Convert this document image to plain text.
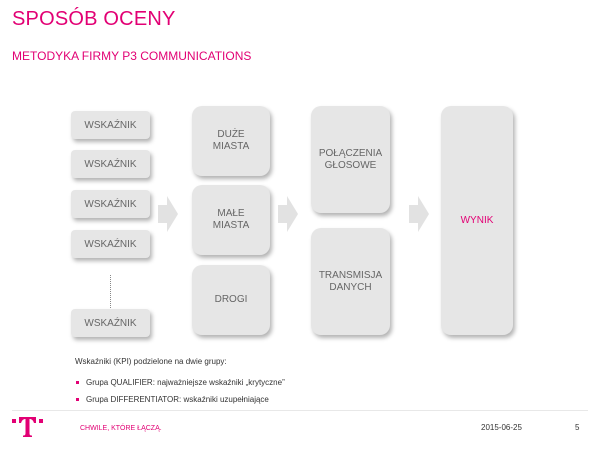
SPOSÓB OCENY
METODYKA FIRMY P3 COMMUNICATIONS
WSKAŹNIK
WSKAŹNIK
WSKAŹNIK
WSKAŹNIK
WSKAŹNIK
DUŻE
MIASTA
MAŁE
MIASTA
DROGI
POŁĄCZENIA
GŁOSOWE
TRANSMISJA
DANYCH
WYNIK
Wskaźniki (KPI) podzielone na dwie grupy:
Grupa QUALIFIER: najważniejsze wskaźniki „krytyczne”
Grupa DIFFERENTIATOR: wskaźniki uzupełniające
CHWILE, KTÓRE ŁĄCZĄ.	2015-06-25	5
